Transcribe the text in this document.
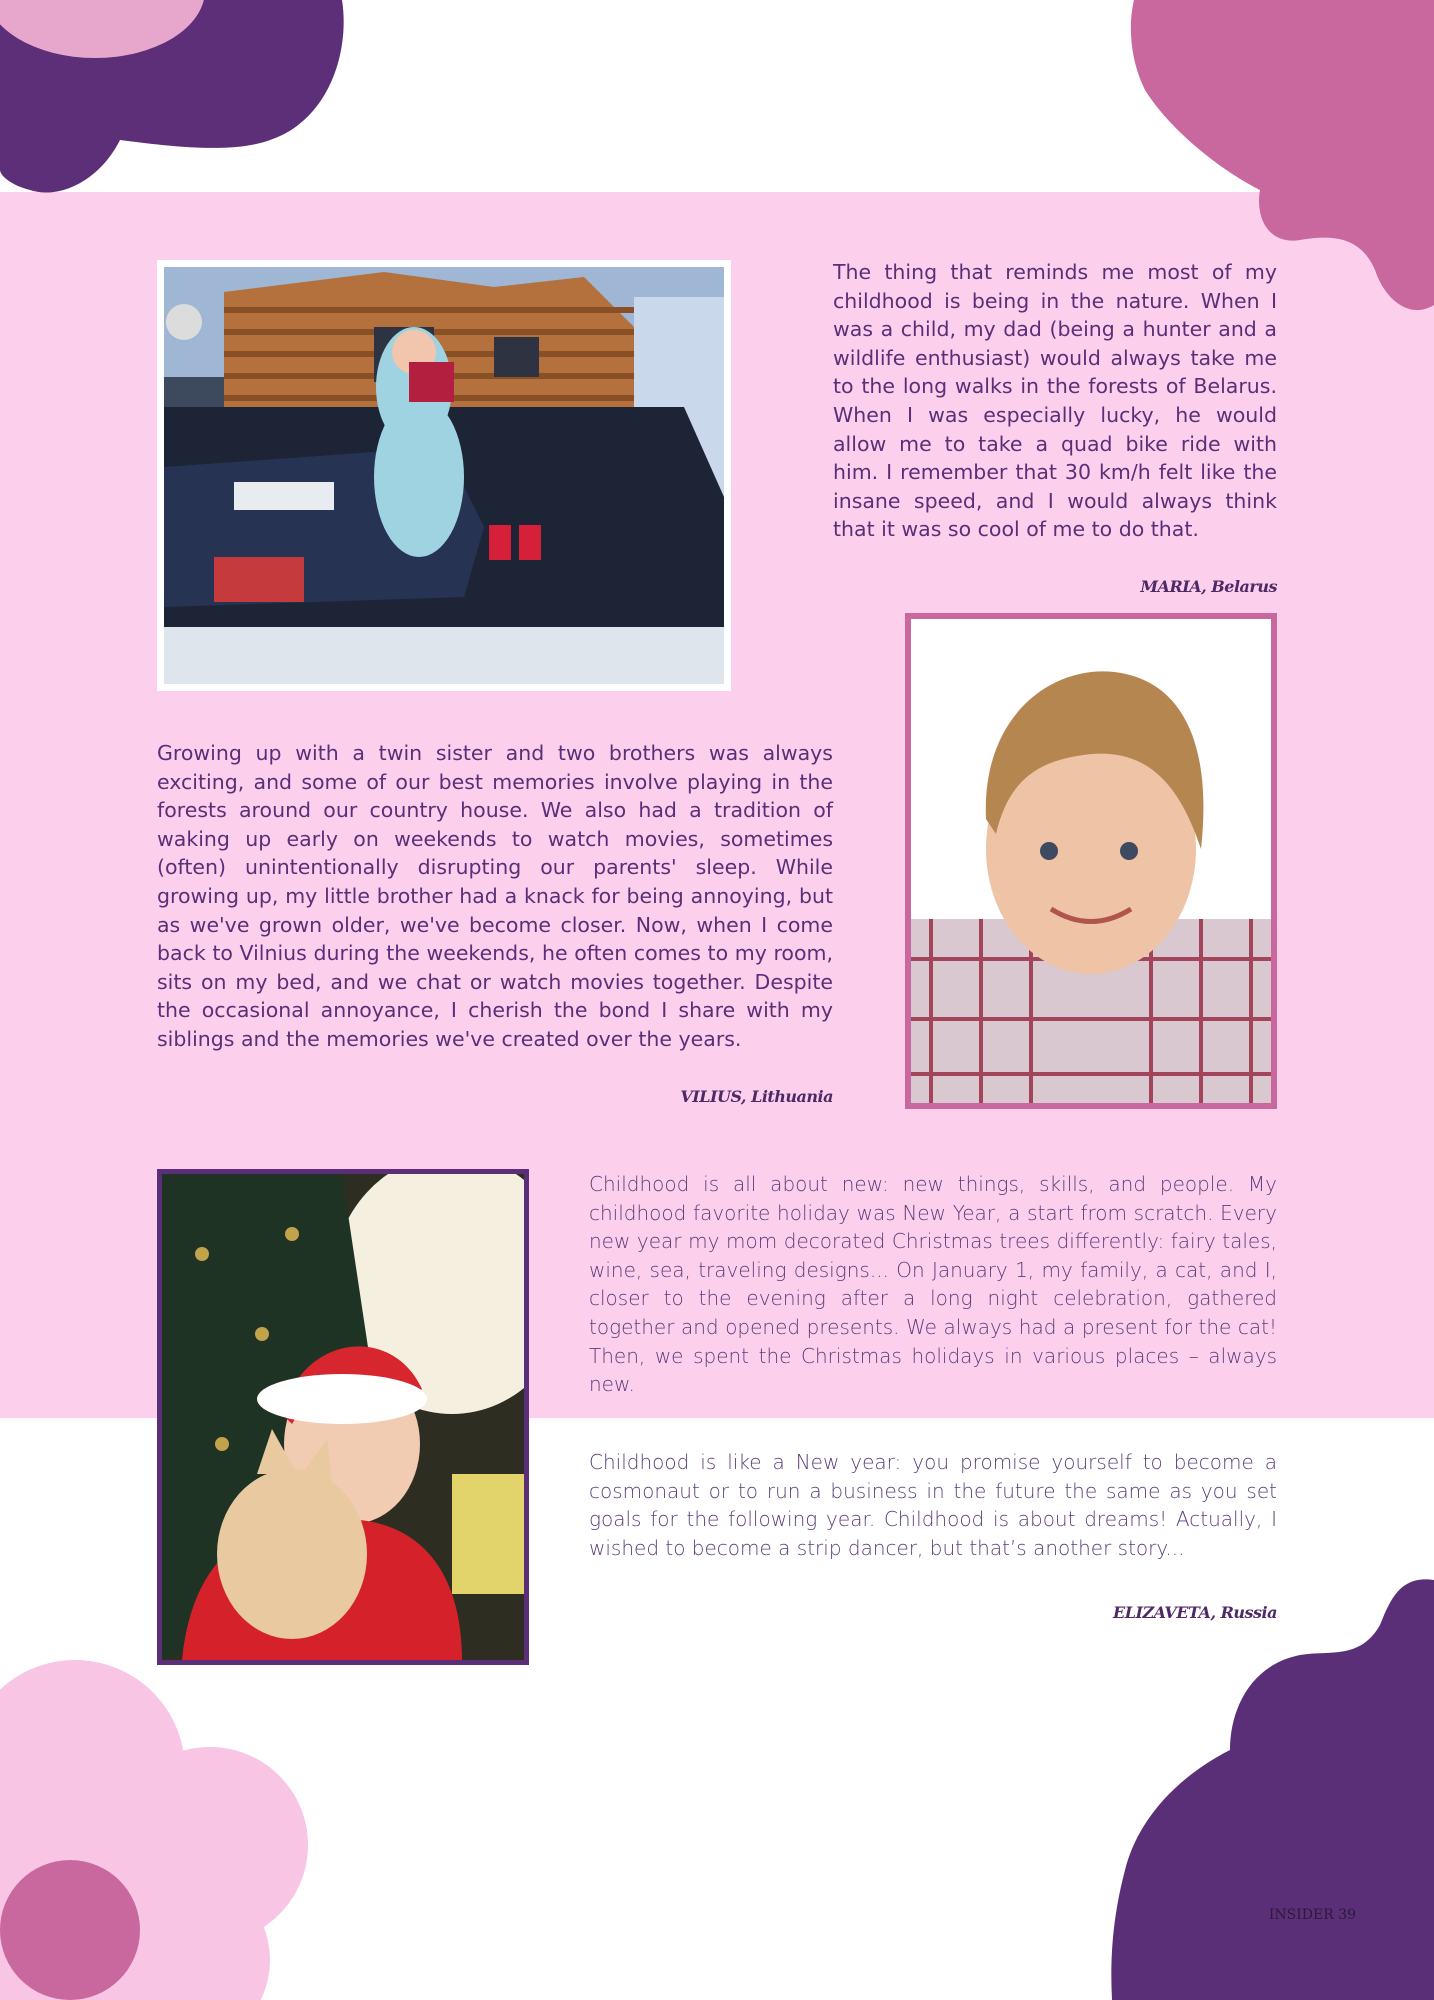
The thing that reminds me most of my childhood is being in the nature. When I was a child, my dad (being a hunter and a wildlife enthusiast) would always take me to the long walks in the forests of Belarus. When I was especially lucky, he would allow me to take a quad bike ride with him. I remember that 30 km/h felt like the insane speed, and I would always think that it was so cool of me to do that.

MARIA, Belarus

Growing up with a twin sister and two brothers was always exciting, and some of our best memories involve playing in the forests around our country house. We also had a tradition of waking up early on weekends to watch movies, sometimes (often) unintentionally disrupting our parents' sleep. While growing up, my little brother had a knack for being annoying, but as we've grown older, we've become closer. Now, when I come back to Vilnius during the weekends, he often comes to my room, sits on my bed, and we chat or watch movies together. Despite the occasional annoyance, I cherish the bond I share with my siblings and the memories we've created over the years.

VILIUS, Lithuania

Childhood is all about new: new things, skills, and people. My childhood favorite holiday was New Year, a start from scratch. Every new year my mom decorated Christmas trees differently: fairy tales, wine, sea, traveling designs... On January 1, my family, a cat, and I, closer to the evening after a long night celebration, gathered together and opened presents. We always had a present for the cat! Then, we spent the Christmas holidays in various places – always new.

Childhood is like a New year: you promise yourself to become a cosmonaut or to run a business in the future the same as you set goals for the following year. Childhood is about dreams! Actually, I wished to become a strip dancer, but that’s another story...

ELIZAVETA, Russia
INSIDER 39
